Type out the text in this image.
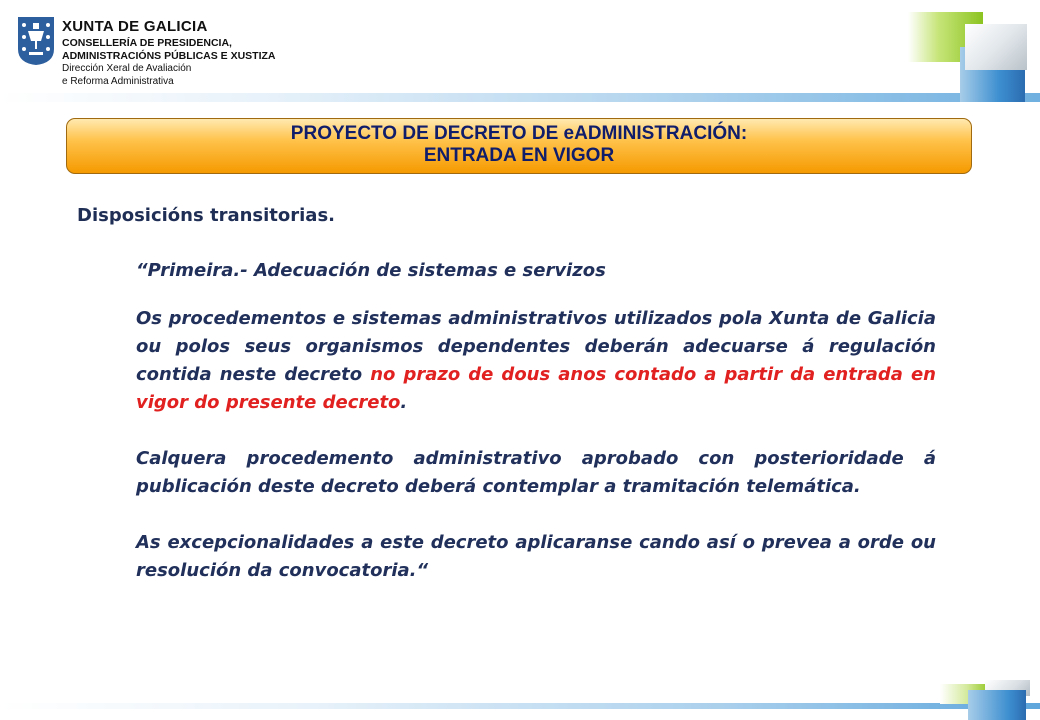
XUNTA DE GALICIA
CONSELLERÍA DE PRESIDENCIA,
ADMINISTRACIÓNS PÚBLICAS E XUSTIZA
Dirección Xeral de Avaliación
e Reforma Administrativa
PROYECTO DE DECRETO DE eADMINISTRACIÓN:
ENTRADA EN VIGOR
Disposicións transitorias.

“Primeira.- Adecuación de sistemas e servizos

Os procedementos e sistemas administrativos utilizados pola Xunta de Galicia ou polos seus organismos dependentes deberán adecuarse á regulación contida neste decreto no prazo de dous anos contado a partir da entrada en vigor do presente decreto.

Calquera procedemento administrativo aprobado con posterioridade á publicación deste decreto deberá contemplar a tramitación telemática.

As excepcionalidades a este decreto aplicaranse cando así o prevea a orde ou resolución da convocatoria.“
